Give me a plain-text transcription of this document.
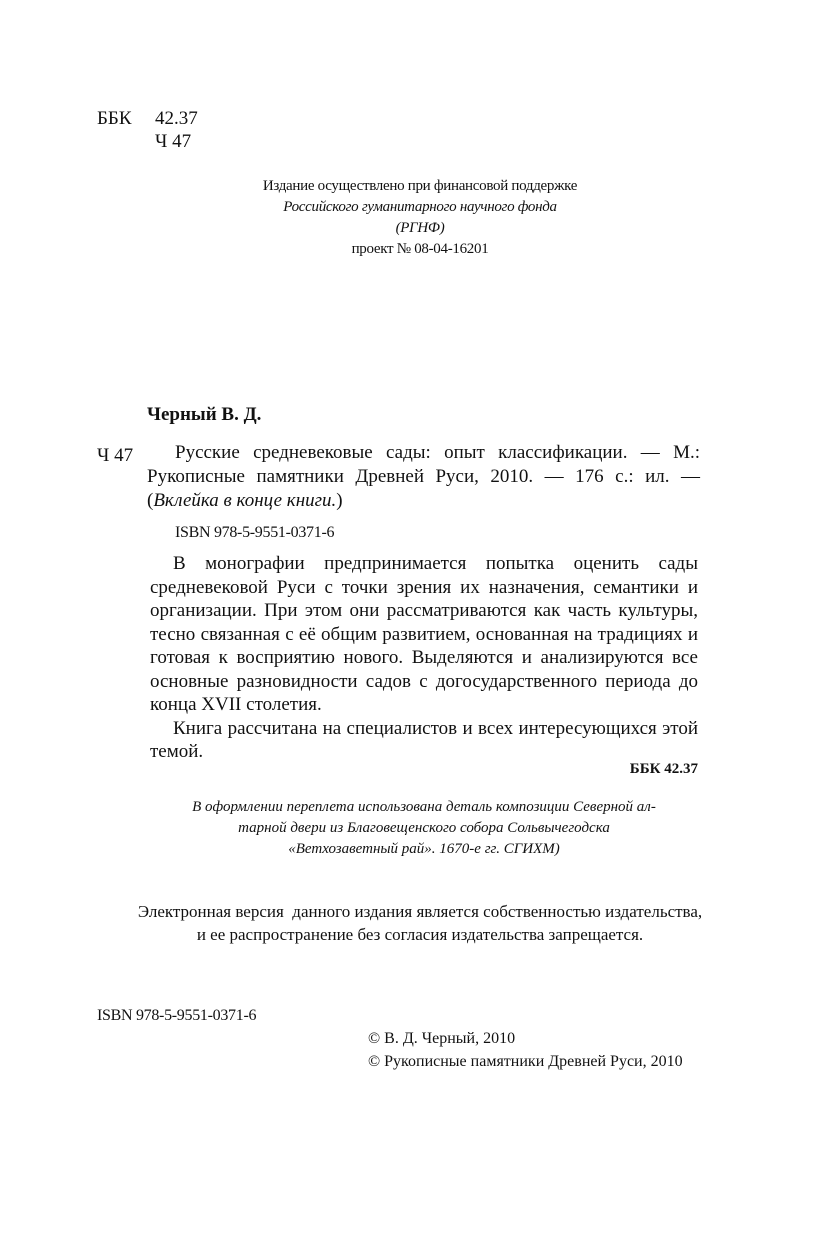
ББК 42.37
Ч 47
Издание осуществлено при финансовой поддержке
Российского гуманитарного научного фонда
(РГНФ)
проект № 08-04-16201
Черный В. Д.
Ч 47	Русские средневековые сады: опыт классификации. — М.: Рукописные памятники Древней Руси, 2010. — 176 с.: ил. — (Вклейка в конце книги.)
ISBN 978-5-9551-0371-6

В монографии предпринимается попытка оценить сады средневековой Руси с точки зрения их назначения, семантики и организации. При этом они рассматриваются как часть культуры, тесно связанная с её общим развитием, основанная на традициях и готовая к восприятию нового. Выделяются и анализируются все основные разновидности садов с догосударственного периода до конца XVII столетия.

Книга рассчитана на специалистов и всех интересующихся этой темой.

ББК 42.37
В оформлении переплета использована деталь композиции Северной ал-
тарной двери из Благовещенского собора Сольвычегодска
«Ветхозаветный рай». 1670-е гг. СГИХМ)
Электронная версия  данного издания является собственностью издательства,
и ее распространение без согласия издательства запрещается.
ISBN 978-5-9551-0371-6
© В. Д. Черный, 2010
© Рукописные памятники Древней Руси, 2010
